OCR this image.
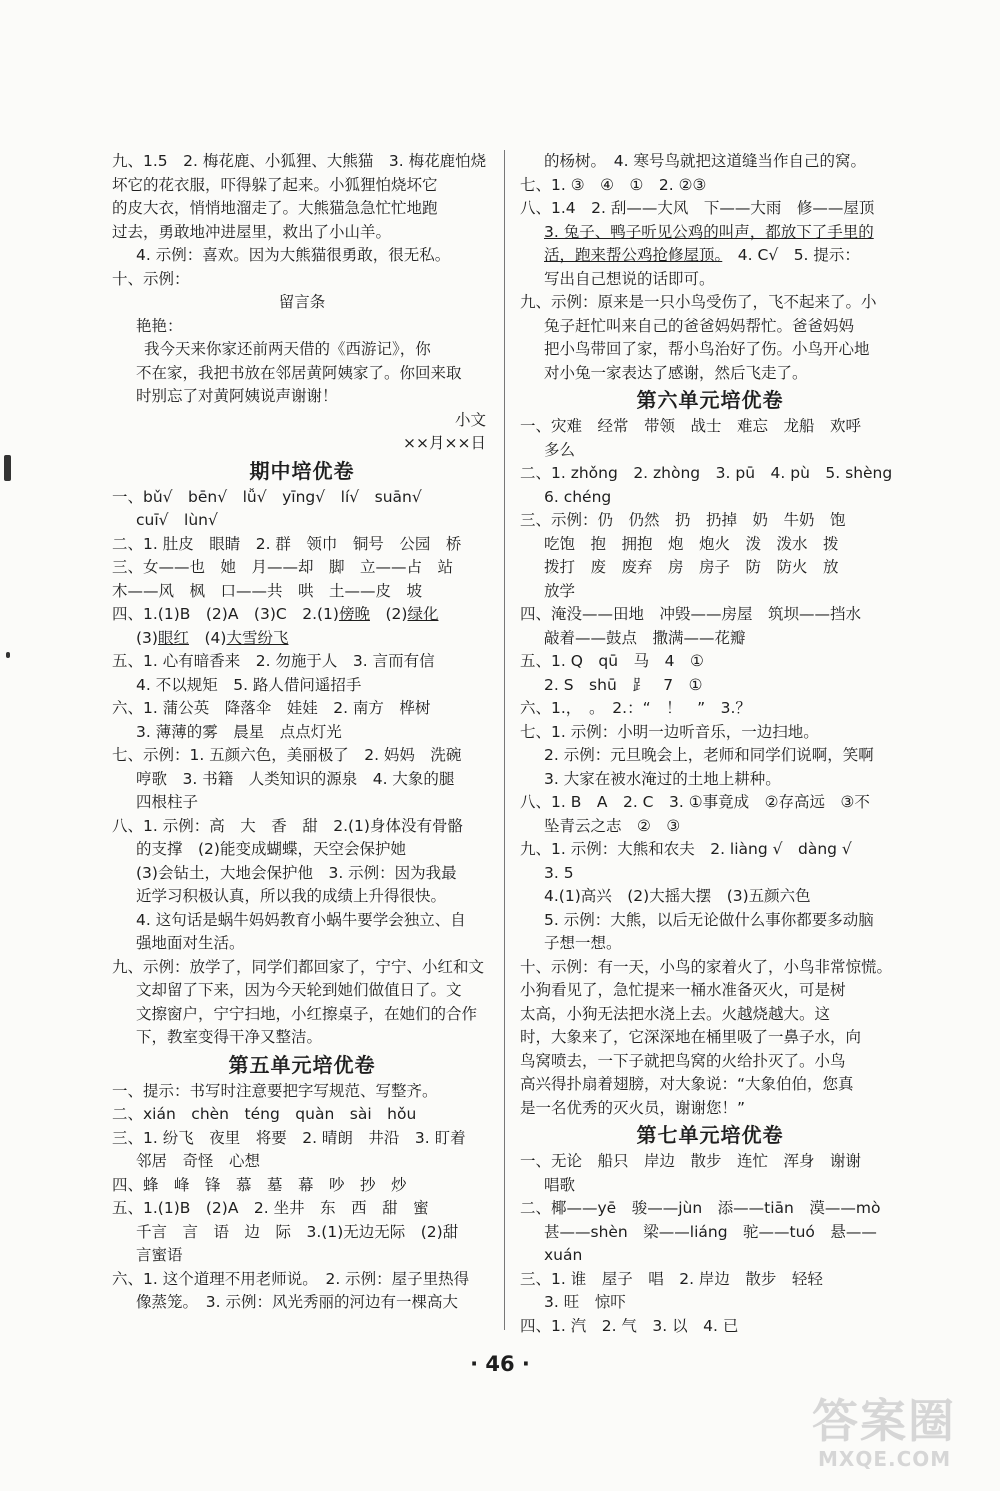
九、1.5　2. 梅花鹿、小狐狸、大熊猫　3. 梅花鹿怕烧
坏它的花衣服，吓得躲了起来。小狐狸怕烧坏它
的皮大衣，悄悄地溜走了。大熊猫急急忙忙地跑
过去，勇敢地冲进屋里，救出了小山羊。
4. 示例：喜欢。因为大熊猫很勇敢，很无私。
十、示例：
留言条
艳艳：
我今天来你家还前两天借的《西游记》，你
不在家，我把书放在邻居黄阿姨家了。你回来取
时别忘了对黄阿姨说声谢谢！
小文
××月××日
期中培优卷
一、bǔ√　bēn√　lǚ√　yīng√　lí√　suān√
cuī√　lùn√
二、1. 肚皮　眼睛　2. 群　领巾　铜号　公园　桥
三、女——也　她　月——却　脚　立——占　站
木——风　枫　口——共　哄　土——皮　坡
四、1.(1)B　(2)A　(3)C　2.(1)傍晚　 (2)绿化
(3)眼红　 (4)大雪纷飞
五、1. 心有暗香来　2. 勿施于人　3. 言而有信
4. 不以规矩　5. 路人借问遥招手
六、1. 蒲公英　降落伞　娃娃　2. 南方　桦树
3. 薄薄的雾　晨星　点点灯光
七、示例：1. 五颜六色，美丽极了　2. 妈妈　洗碗
哼歌　3. 书籍　人类知识的源泉　4. 大象的腿
四根柱子
八、1. 示例：高　大　香　甜　2.(1)身体没有骨骼
的支撑　(2)能变成蝴蝶，天空会保护她
(3)会钻土，大地会保护他　3. 示例：因为我最
近学习积极认真，所以我的成绩上升得很快。
4. 这句话是蜗牛妈妈教育小蜗牛要学会独立、自
强地面对生活。
九、示例：放学了，同学们都回家了，宁宁、小红和文
文却留了下来，因为今天轮到她们做值日了。文
文擦窗户，宁宁扫地，小红擦桌子，在她们的合作
下，教室变得干净又整洁。
第五单元培优卷
一、提示：书写时注意要把字写规范、写整齐。
二、xián　chèn　téng　quàn　sài　hǒu
三、1. 纷飞　夜里　将要　2. 晴朗　井沿　3. 盯着
邻居　奇怪　心想
四、蜂　峰　锋　慕　墓　幕　吵　抄　炒
五、1.(1)B　(2)A　2. 坐井　东　西　甜　蜜
千言　言　语　边　际　3.(1)无边无际　(2)甜
言蜜语
六、1. 这个道理不用老师说。　2. 示例：屋子里热得
像蒸笼。　3. 示例：风光秀丽的河边有一棵高大
的杨树。　4. 寒号鸟就把这道缝当作自己的窝。
七、1. ③　④　①　2. ②③
八、1.4　2. 刮——大风　下——大雨　修——屋顶
3. 兔子、鸭子听见公鸡的叫声，都放下了手里的
活，跑来帮公鸡抢修屋顶。　 4. C√　5. 提示：
写出自己想说的话即可。
九、示例：原来是一只小鸟受伤了，飞不起来了。小
兔子赶忙叫来自己的爸爸妈妈帮忙。爸爸妈妈
把小鸟带回了家，帮小鸟治好了伤。小鸟开心地
对小兔一家表达了感谢，然后飞走了。
第六单元培优卷
一、灾难　经常　带领　战士　难忘　龙船　欢呼
多么
二、1. zhǒng　2. zhòng　3. pū　4. pù　5. shèng
6. chéng
三、示例：仍　仍然　扔　扔掉　奶　牛奶　饱
吃饱　抱　拥抱　炮　炮火　泼　泼水　拨
拨打　废　废弃　房　房子　防　防火　放
放学
四、淹没——田地　冲毁——房屋　筑坝——挡水
敲着——鼓点　撒满——花瓣
五、1. Q　qū　马　4　①
2. S　shū　⻊　7　①
六、1.，　。　2.：“　！　”　3.？
七、1. 示例：小明一边听音乐，一边扫地。
2. 示例：元旦晚会上，老师和同学们说啊，笑啊
3. 大家在被水淹过的土地上耕种。
八、1. B　A　2. C　3. ①事竟成　②存高远　③不
坠青云之志　②　③
九、1. 示例：大熊和农夫　2. liàng √　dàng √
3. 5
4.(1)高兴　(2)大摇大摆　(3)五颜六色
5. 示例：大熊，以后无论做什么事你都要多动脑
子想一想。
十、示例：有一天，小鸟的家着火了，小鸟非常惊慌。
小狗看见了，急忙提来一桶水准备灭火，可是树
太高，小狗无法把水浇上去。火越烧越大。这
时，大象来了，它深深地在桶里吸了一鼻子水，向
鸟窝喷去，一下子就把鸟窝的火给扑灭了。小鸟
高兴得扑扇着翅膀，对大象说：“大象伯伯，您真
是一名优秀的灭火员，谢谢您！”
第七单元培优卷
一、无论　船只　岸边　散步　连忙　浑身　谢谢
唱歌
二、椰——yē　骏——jùn　添——tiān　漠——mò
甚——shèn　梁——liáng　驼——tuó　悬——
xuán
三、1. 谁　屋子　唱　2. 岸边　散步　轻轻
3. 旺　惊吓
四、1. 汽　2. 气　3. 以　4. 已
· 46 ·
答案圈
MXQE.COM
